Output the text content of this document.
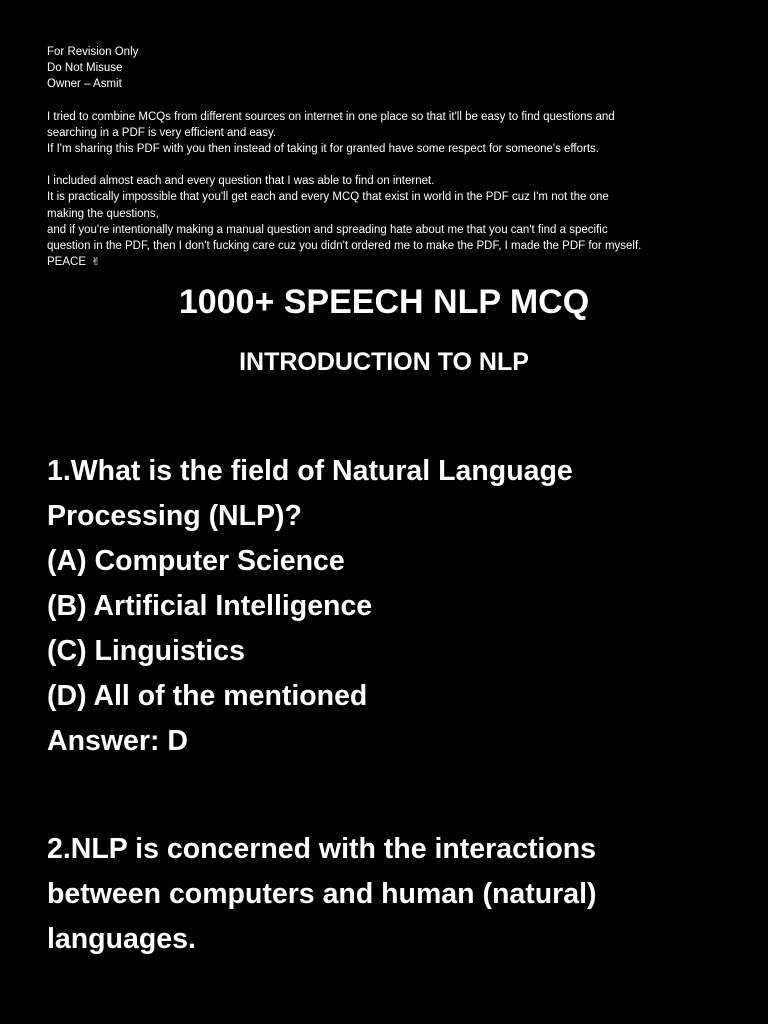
For Revision Only
Do Not Misuse
Owner – Asmit
I tried to combine MCQs from different sources on internet in one place so that it'll be easy to find questions and
searching in a PDF is very efficient and easy.
If I'm sharing this PDF with you then instead of taking it for granted have some respect for someone's efforts.
I included almost each and every question that I was able to find on internet.
It is practically impossible that you'll get each and every MCQ that exist in world in the PDF cuz I'm not the one
making the questions,
and if you're intentionally making a manual question and spreading hate about me that you can't find a specific
question in the PDF, then I don't fucking care cuz you didn't ordered me to make the PDF, I made the PDF for myself.
PEACE ✌
1000+ SPEECH NLP MCQ
INTRODUCTION TO NLP
1.What is the field of Natural Language
Processing (NLP)?
(A) Computer Science
(B) Artificial Intelligence
(C) Linguistics
(D) All of the mentioned
Answer: D
2.NLP is concerned with the interactions
between computers and human (natural)
languages.
